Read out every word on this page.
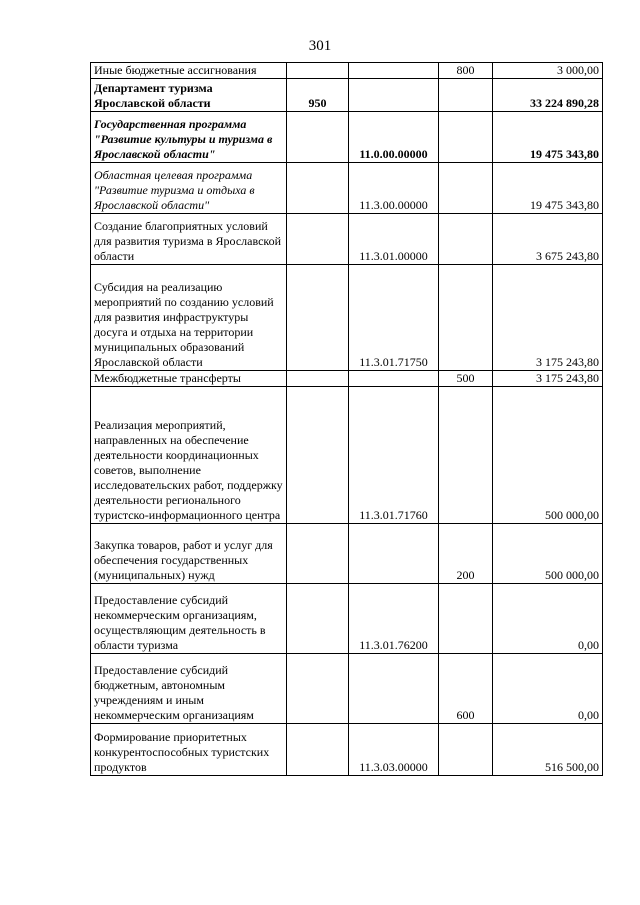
301
Иные бюджетные ассигнования			800	3 000,00
Департамент туризма Ярославской области	950			33 224 890,28
Государственная программа "Развитие культуры и туризма в Ярославской области"		11.0.00.00000		19 475 343,80
Областная целевая программа "Развитие туризма и отдыха в Ярославской области"		11.3.00.00000		19 475 343,80
Создание благоприятных условий для развития туризма в Ярославской области		11.3.01.00000		3 675 243,80
Субсидия на реализацию мероприятий по созданию условий для развития инфраструктуры досуга и отдыха на территории муниципальных образований Ярославской области		11.3.01.71750		3 175 243,80
Межбюджетные трансферты			500	3 175 243,80
Реализация мероприятий, направленных на обеспечение деятельности координационных советов, выполнение исследовательских работ, поддержку деятельности регионального туристско-информационного центра		11.3.01.71760		500 000,00
Закупка товаров, работ и услуг для обеспечения государственных (муниципальных) нужд			200	500 000,00
Предоставление субсидий некоммерческим организациям, осуществляющим деятельность в области туризма		11.3.01.76200		0,00
Предоставление субсидий бюджетным, автономным учреждениям и иным некоммерческим организациям			600	0,00
Формирование приоритетных конкурентоспособных туристских продуктов		11.3.03.00000		516 500,00
